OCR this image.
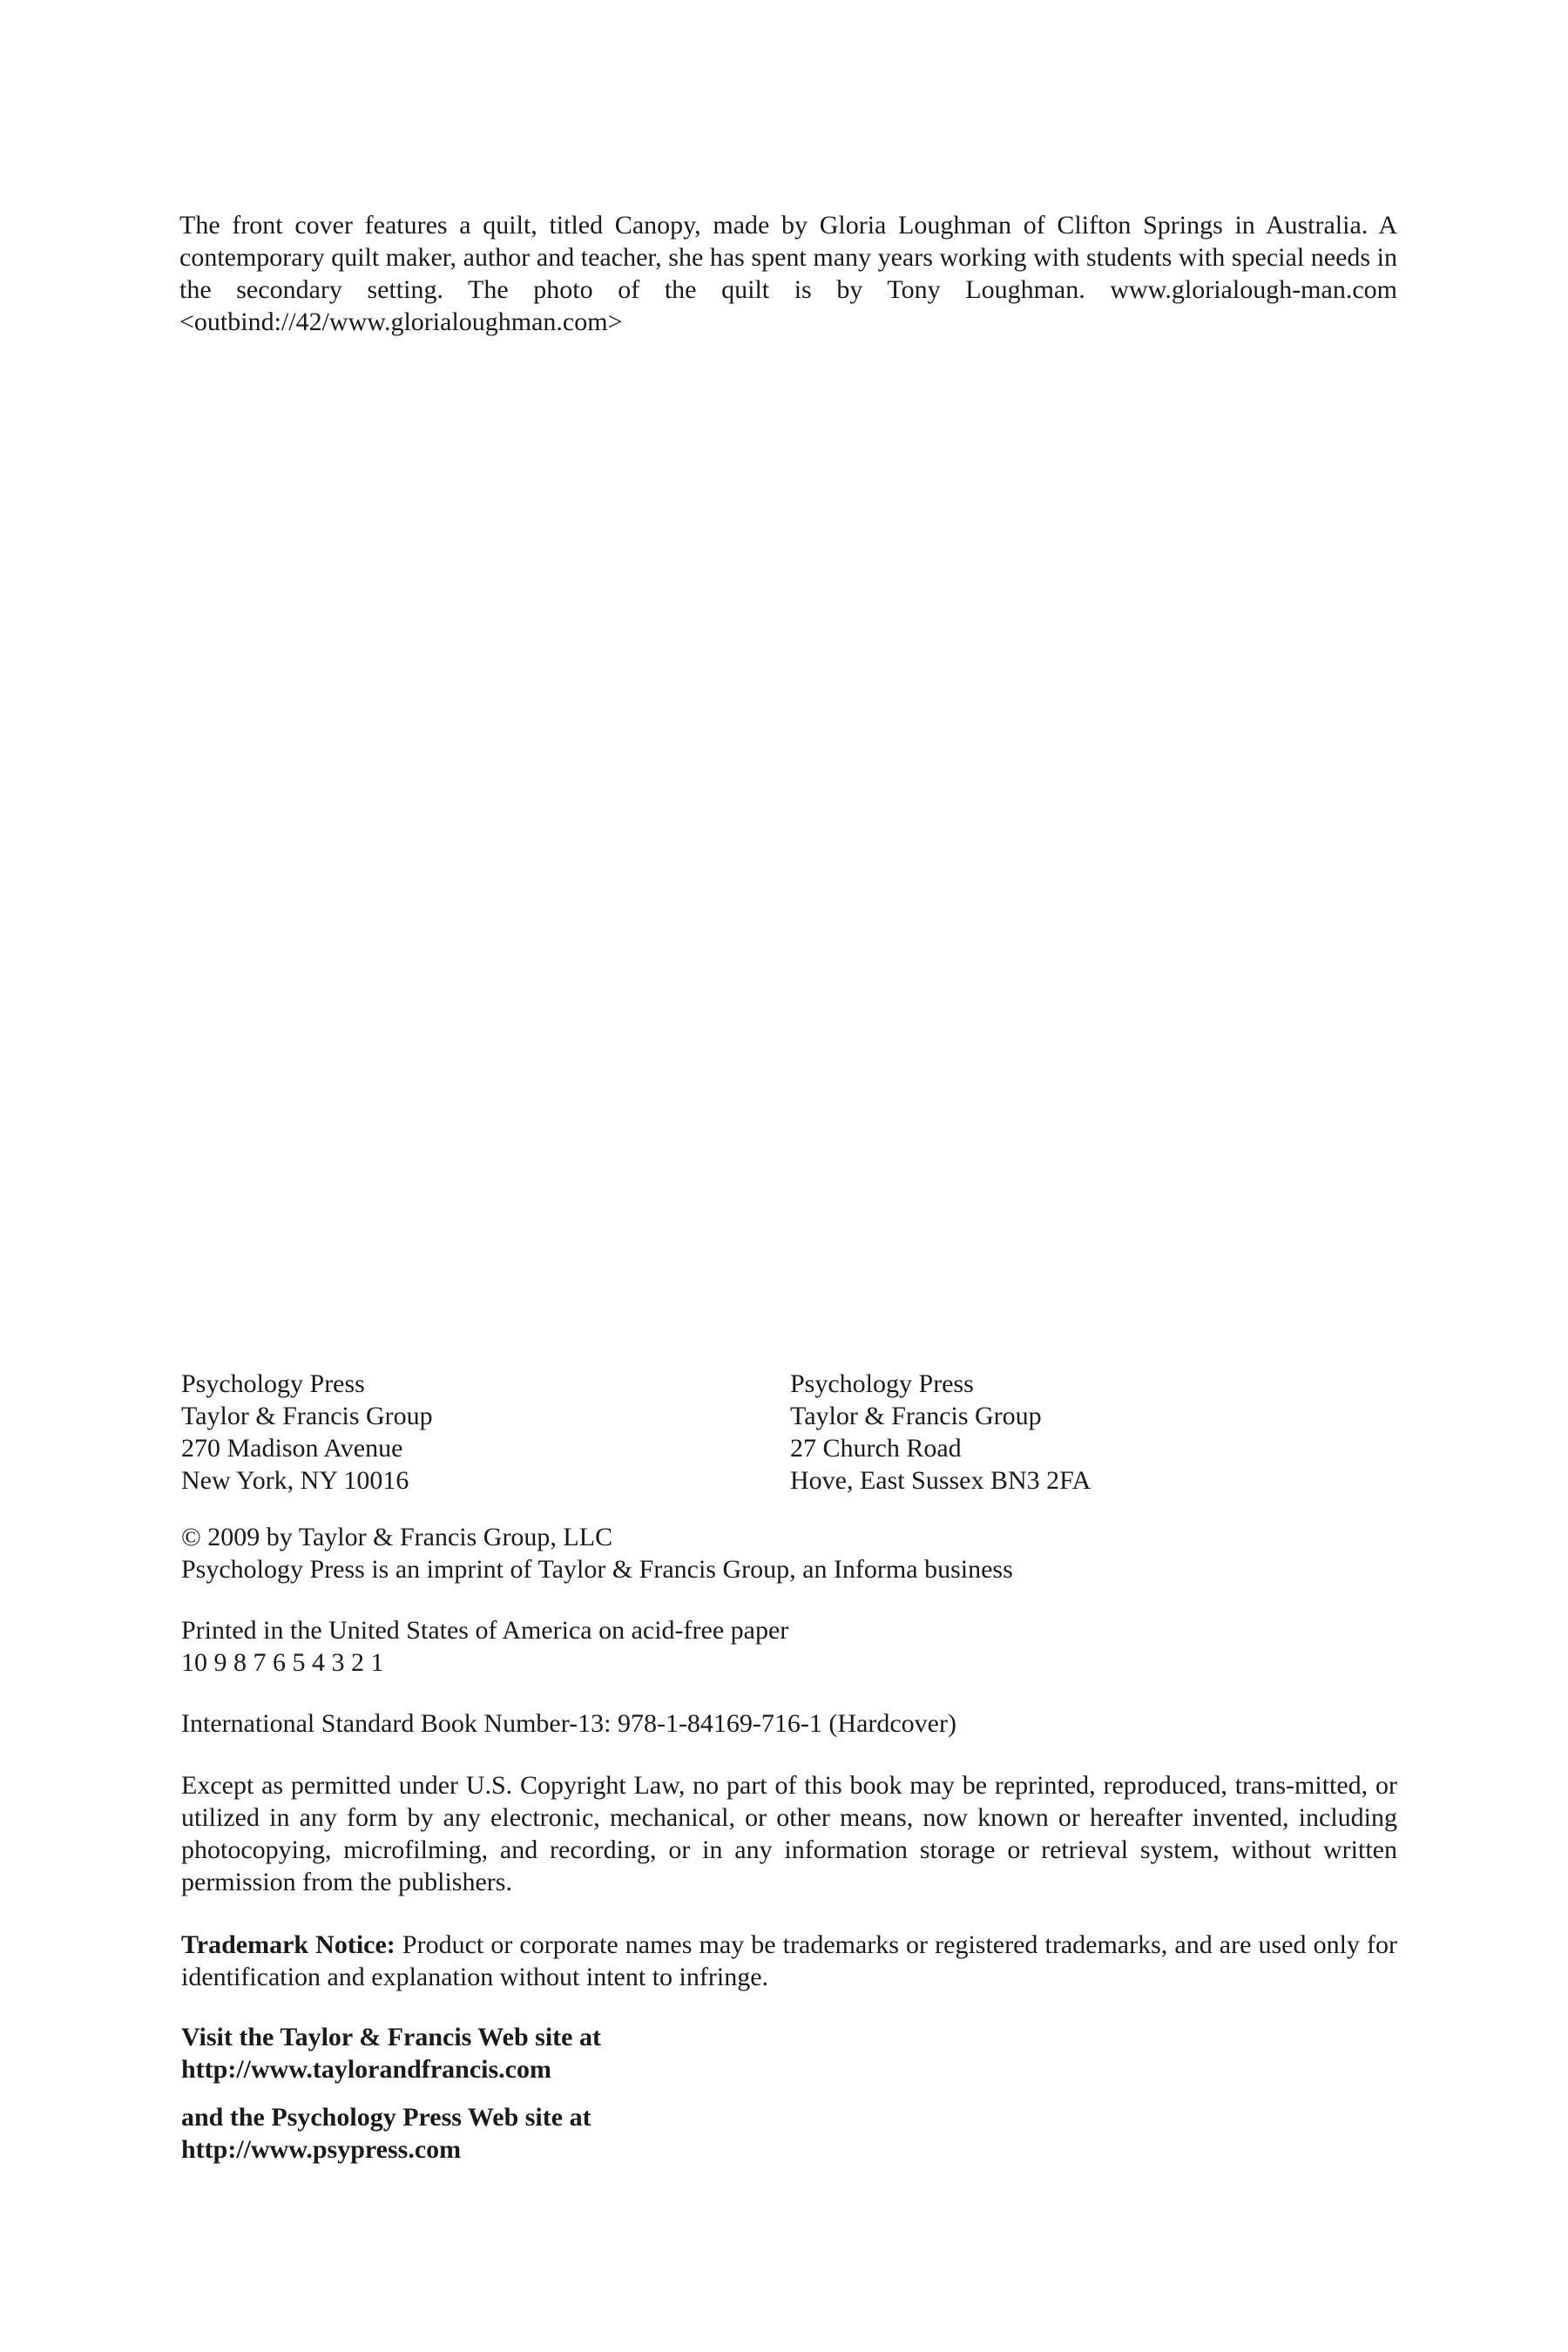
The front cover features a quilt, titled Canopy, made by Gloria Loughman of Clifton Springs in Australia. A contemporary quilt maker, author and teacher, she has spent many years working with students with special needs in the secondary setting. The photo of the quilt is by Tony Loughman. www.glorialough-man.com <outbind://42/www.glorialoughman.com>

Psychology Press
Taylor & Francis Group
270 Madison Avenue
New York, NY 10016
Psychology Press
Taylor & Francis Group
27 Church Road
Hove, East Sussex BN3 2FA
© 2009 by Taylor & Francis Group, LLC
Psychology Press is an imprint of Taylor & Francis Group, an Informa business
Printed in the United States of America on acid-free paper
10 9 8 7 6 5 4 3 2 1
International Standard Book Number-13: 978-1-84169-716-1 (Hardcover)

Except as permitted under U.S. Copyright Law, no part of this book may be reprinted, reproduced, trans-mitted, or utilized in any form by any electronic, mechanical, or other means, now known or hereafter invented, including photocopying, microfilming, and recording, or in any information storage or retrieval system, without written permission from the publishers.

Trademark Notice: Product or corporate names may be trademarks or registered trademarks, and are used only for identification and explanation without intent to infringe.

Visit the Taylor & Francis Web site at
http://www.taylorandfrancis.com
and the Psychology Press Web site at
http://www.psypress.com
